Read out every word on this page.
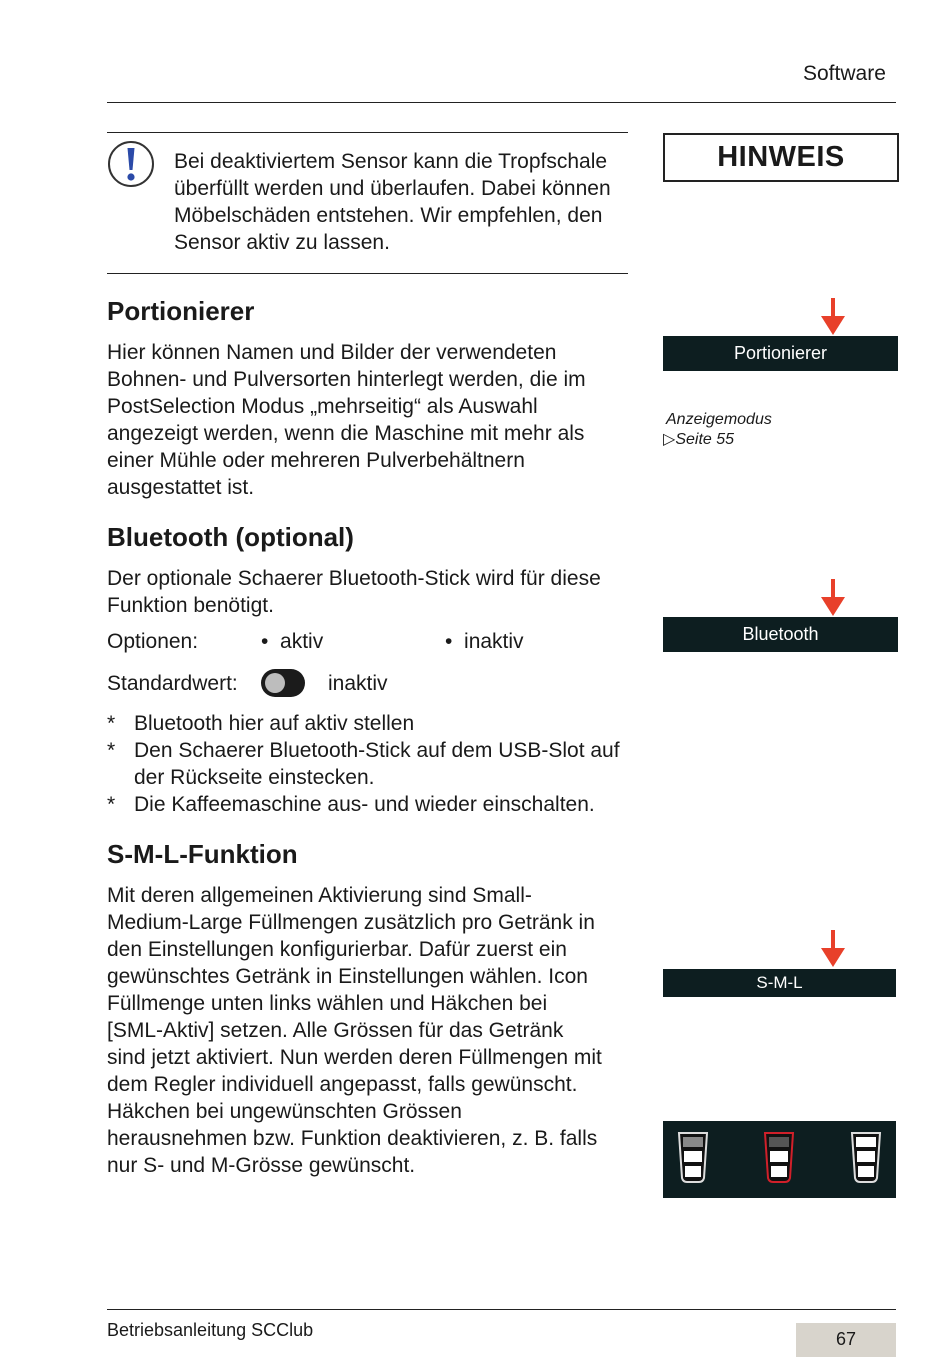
Software
Bei deaktiviertem Sensor kann die Tropfschale überfüllt werden und überlaufen. Dabei können Möbelschäden entstehen. Wir empfehlen, den Sensor aktiv zu lassen.
HINWEIS
Portionierer
Hier können Namen und Bilder der verwendeten Bohnen- und Pulversorten hinterlegt werden, die im PostSelection Modus „mehrseitig“ als Auswahl angezeigt werden, wenn die Maschine mit mehr als einer Mühle oder mehreren Pulverbehältnern ausgestattet ist.
Portionierer
Anzeigemodus
▷Seite 55
Bluetooth (optional)
Der optionale Schaerer Bluetooth-Stick wird für diese Funktion benötigt.
Optionen:	• aktiv	• inaktiv
Standardwert:	inaktiv
* Bluetooth hier auf aktiv stellen
* Den Schaerer Bluetooth-Stick auf dem USB-Slot auf der Rückseite einstecken.
* Die Kaffeemaschine aus- und wieder einschalten.
Bluetooth
S-M-L-Funktion
Mit deren allgemeinen Aktivierung sind Small-Medium-Large Füllmengen zusätzlich pro Getränk in den Einstellungen konfigurierbar. Dafür zuerst ein gewünschtes Getränk in Einstellungen wählen. Icon Füllmenge unten links wählen und Häkchen bei [SML-Aktiv] setzen. Alle Grössen für das Getränk sind jetzt aktiviert. Nun werden deren Füllmengen mit dem Regler individuell angepasst, falls gewünscht. Häkchen bei ungewünschten Grössen herausnehmen bzw. Funktion deaktivieren, z. B. falls nur S- und M-Grösse gewünscht.
S-M-L
Betriebsanleitung SCClub	67
